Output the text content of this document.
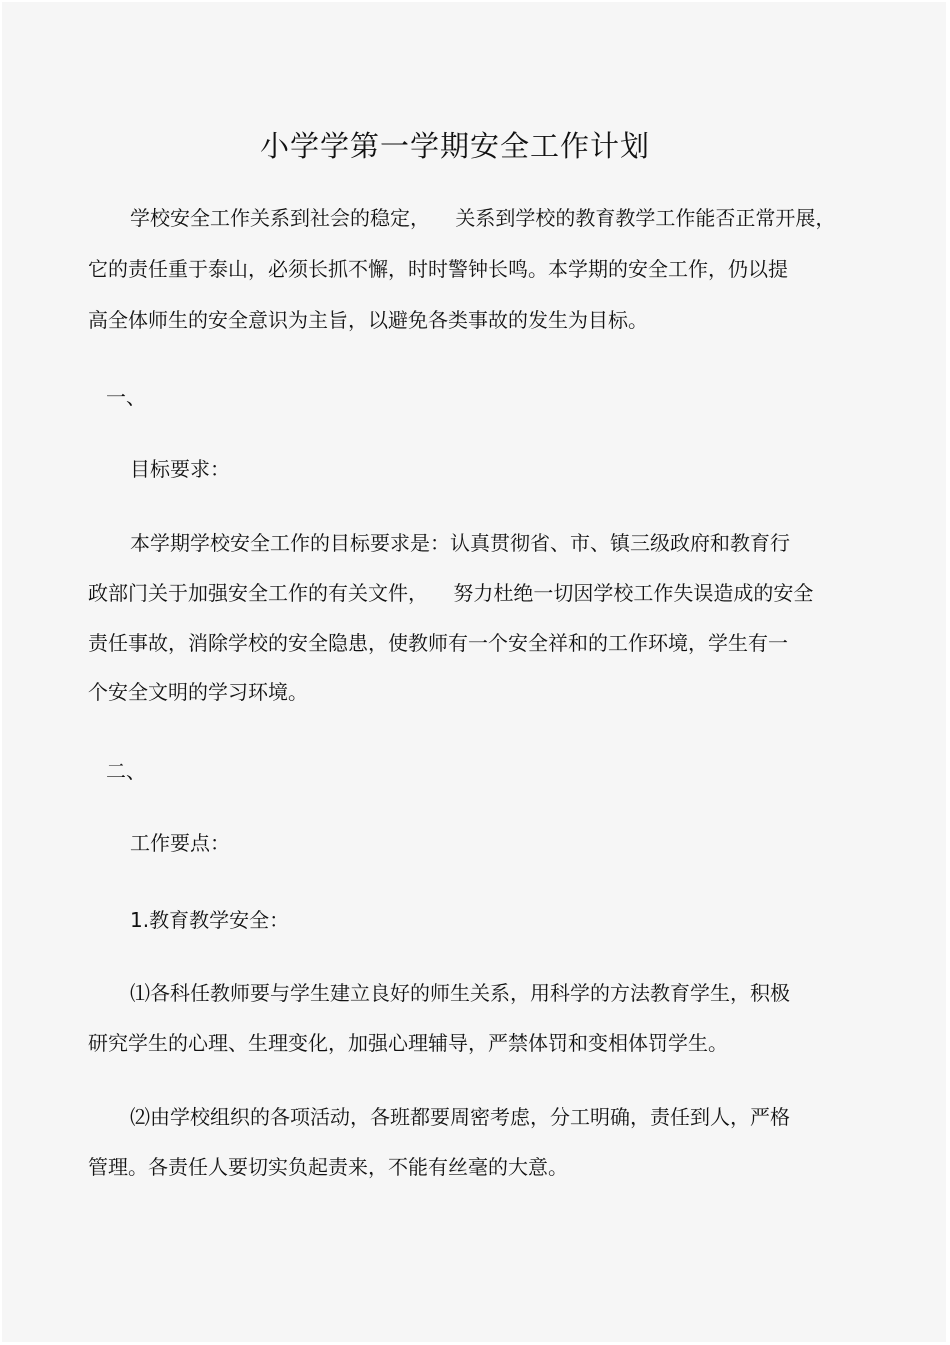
小学学第一学期安全工作计划
学校安全工作关系到社会的稳定，    关系到学校的教育教学工作能否正常开展，
它的责任重于泰山，必须长抓不懈，时时警钟长鸣。本学期的安全工作，仍以提
高全体师生的安全意识为主旨，以避免各类事故的发生为目标。
一、
目标要求：
本学期学校安全工作的目标要求是：认真贯彻省、市、镇三级政府和教育行
政部门关于加强安全工作的有关文件，    努力杜绝一切因学校工作失误造成的安全
责任事故，消除学校的安全隐患，使教师有一个安全祥和的工作环境，学生有一
个安全文明的学习环境。
二、
工作要点：
1.教育教学安全：
⑴各科任教师要与学生建立良好的师生关系，用科学的方法教育学生，积极
研究学生的心理、生理变化，加强心理辅导，严禁体罚和变相体罚学生。
⑵由学校组织的各项活动，各班都要周密考虑，分工明确，责任到人，严格
管理。各责任人要切实负起责来，不能有丝毫的大意。
